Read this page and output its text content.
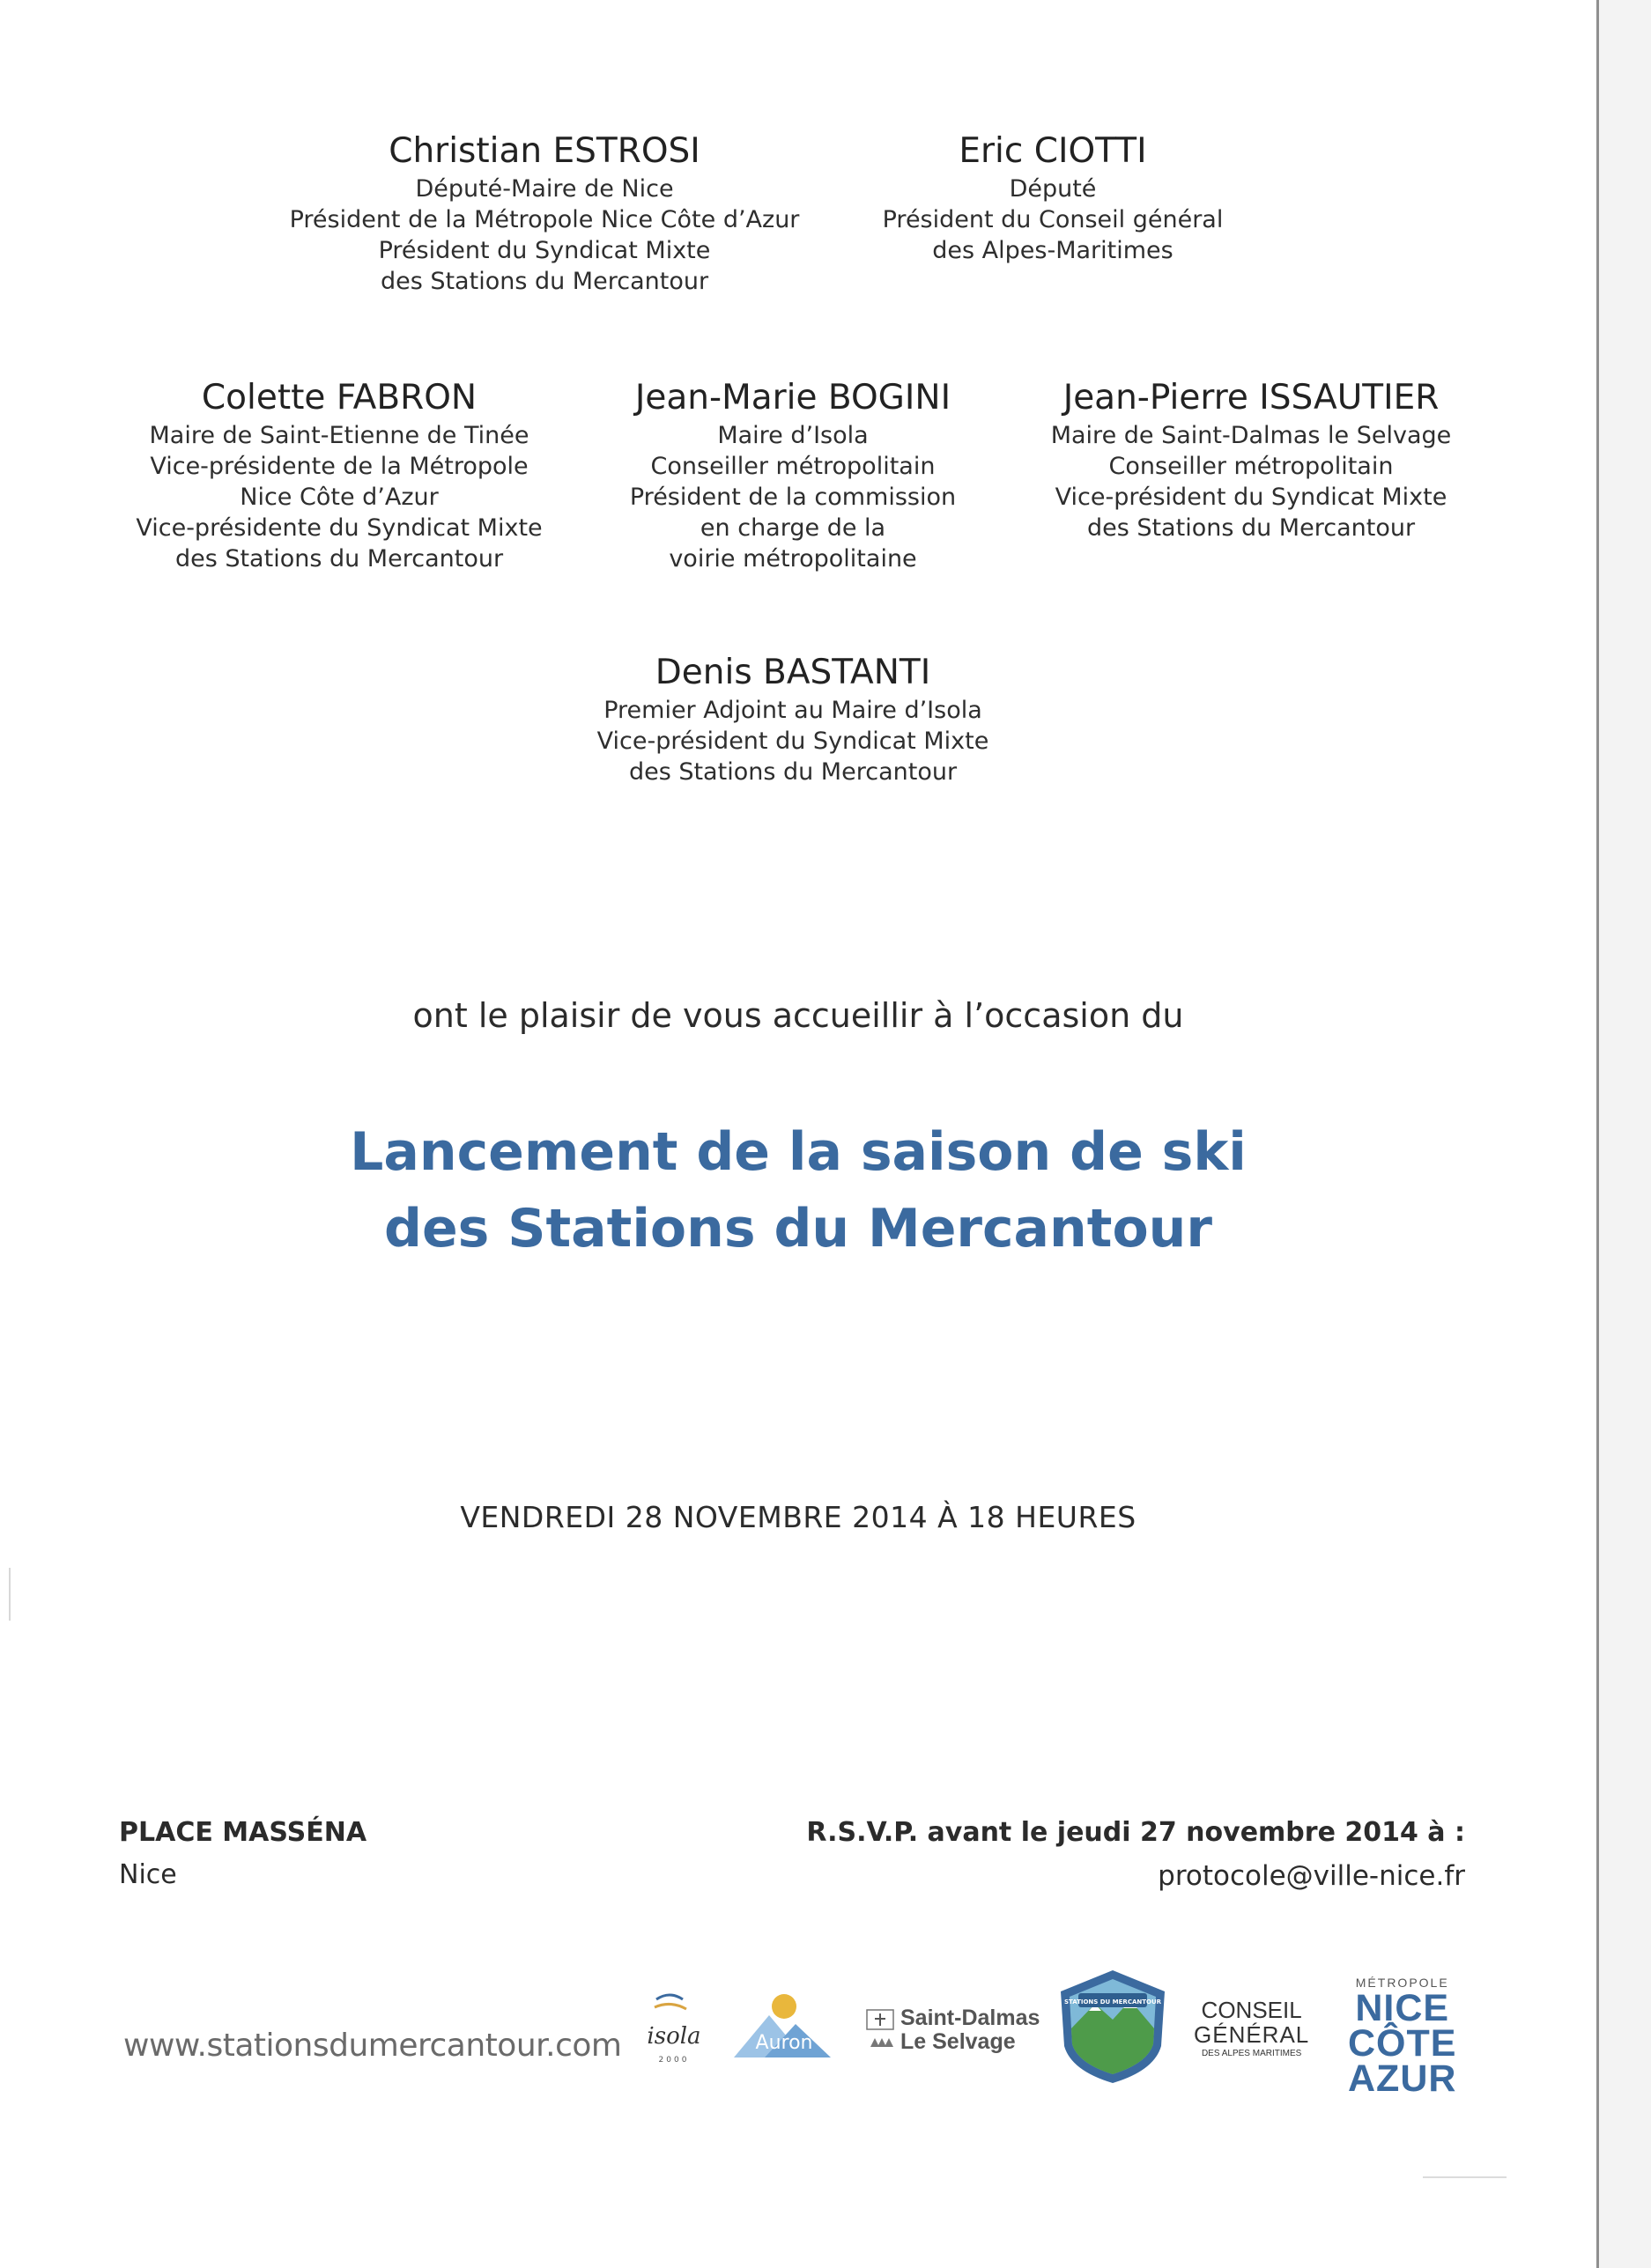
Christian ESTROSI
Député-Maire de Nice
Président de la Métropole Nice Côte d’Azur
Président du Syndicat Mixte
des Stations du Mercantour
Eric CIOTTI
Député
Président du Conseil général
des Alpes-Maritimes
Colette FABRON
Maire de Saint-Etienne de Tinée
Vice-présidente de la Métropole
Nice Côte d’Azur
Vice-présidente du Syndicat Mixte
des Stations du Mercantour
Jean-Marie BOGINI
Maire d’Isola
Conseiller métropolitain
Président de la commission
en charge de la
voirie métropolitaine
Jean-Pierre ISSAUTIER
Maire de Saint-Dalmas le Selvage
Conseiller métropolitain
Vice-président du Syndicat Mixte
des Stations du Mercantour
Denis BASTANTI
Premier Adjoint au Maire d’Isola
Vice-président du Syndicat Mixte
des Stations du Mercantour
ont le plaisir de vous accueillir à l’occasion du
Lancement de la saison de ski
des Stations du Mercantour
VENDREDI 28 NOVEMBRE 2014 À 18 HEURES
PLACE MASSÉNA
Nice
R.S.V.P. avant le jeudi 27 novembre 2014 à :
protocole@ville-nice.fr
www.stationsdumercantour.com isola
2000
Auron
Saint-Dalmas
Le Selvage
STATIONS DU MERCANTOUR	CONSEIL
GÉNÉRAL
DES ALPES MARITIMES
MÉTROPOLE
NICE
CÔTE
AZUR
